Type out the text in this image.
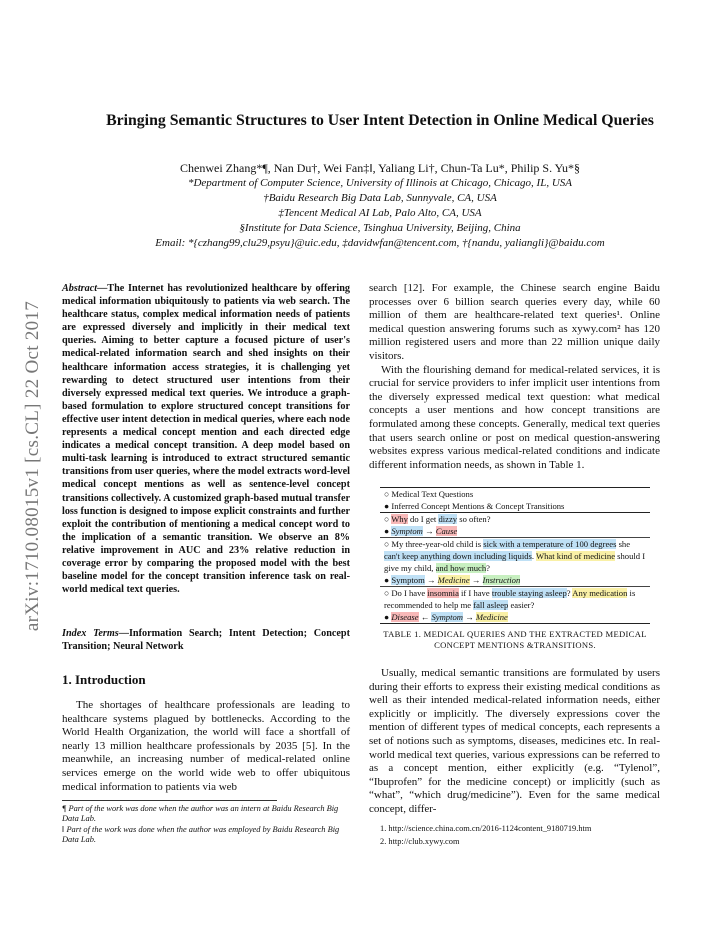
arXiv:1710.08015v1 [cs.CL] 22 Oct 2017
Bringing Semantic Structures to User Intent Detection in Online Medical Queries
Chenwei Zhang*¶, Nan Du†, Wei Fan‡‖, Yaliang Li†, Chun-Ta Lu*, Philip S. Yu*§
*Department of Computer Science, University of Illinois at Chicago, Chicago, IL, USA
†Baidu Research Big Data Lab, Sunnyvale, CA, USA
‡Tencent Medical AI Lab, Palo Alto, CA, USA
§Institute for Data Science, Tsinghua University, Beijing, China
Email: *{czhang99,clu29,psyu}@uic.edu, ‡davidwfan@tencent.com, †{nandu, yaliangli}@baidu.com
Abstract—The Internet has revolutionized healthcare by offering medical information ubiquitously to patients via web search. The healthcare status, complex medical information needs of patients are expressed diversely and implicitly in their medical text queries. Aiming to better capture a focused picture of user's medical-related information search and shed insights on their healthcare information access strategies, it is challenging yet rewarding to detect structured user intentions from their diversely expressed medical text queries. We introduce a graph-based formulation to explore structured concept transitions for effective user intent detection in medical queries, where each node represents a medical concept mention and each directed edge indicates a medical concept transition. A deep model based on multi-task learning is introduced to extract structured semantic transitions from user queries, where the model extracts word-level medical concept mentions as well as sentence-level concept transitions collectively. A customized graph-based mutual transfer loss function is designed to impose explicit constraints and further exploit the contribution of mentioning a medical concept word to the implication of a semantic transition. We observe an 8% relative improvement in AUC and 23% relative reduction in coverage error by comparing the proposed model with the best baseline model for the concept transition inference task on real-world medical text queries.
Index Terms—Information Search; Intent Detection; Concept Transition; Neural Network
1. Introduction
The shortages of healthcare professionals are leading to healthcare systems plagued by bottlenecks. According to the World Health Organization, the world will face a shortfall of nearly 13 million healthcare professionals by 2035 [5]. In the meanwhile, an increasing number of medical-related online services emerge on the world wide web to offer ubiquitous medical information to patients via web
¶ Part of the work was done when the author was an intern at Baidu Research Big Data Lab.
‖ Part of the work was done when the author was employed by Baidu Research Big Data Lab.

search [12]. For example, the Chinese search engine Baidu processes over 6 billion search queries every day, while 60 million of them are healthcare-related text queries¹. Online medical question answering forums such as xywy.com² has 120 million registered users and more than 22 million unique daily visitors.

With the flourishing demand for medical-related services, it is crucial for service providers to infer implicit user intentions from the diversely expressed medical text question: what medical concepts a user mentions and how concept transitions are formulated among these concepts. Generally, medical text queries that users search online or post on medical question-answering websites express various medical-related conditions and indicate different information needs, as shown in Table 1.

○ Medical Text Questions
● Inferred Concept Mentions & Concept Transitions
○ Why do I get dizzy so often?
● Symptom → Cause
○ My three-year-old child is sick with a temperature of 100 degrees she can't keep anything down including liquids. What kind of medicine should I give my child, and how much?
● Symptom → Medicine → Instruction
○ Do I have insomnia if I have trouble staying asleep? Any medication is recommended to help me fall asleep easier?
● Disease ← Symptom → Medicine
TABLE 1. MEDICAL QUERIES AND THE EXTRACTED MEDICAL CONCEPT MENTIONS &TRANSITIONS.
Usually, medical semantic transitions are formulated by users during their efforts to express their existing medical conditions as well as their intended medical-related information needs, either explicitly or implicitly. The diversely expressions cover the mention of different types of medical concepts, each represents a set of notions such as symptoms, diseases, medicines etc. In real-world medical text queries, various expressions can be referred to as a concept mention, either explicitly (e.g. “Tylenol”, “Ibuprofen” for the medicine concept) or implicitly (such as “what”, “which drug/medicine”). Even for the same medical concept, differ-
1. http://science.china.com.cn/2016-1124content_9180719.htm
2. http://club.xywy.com
